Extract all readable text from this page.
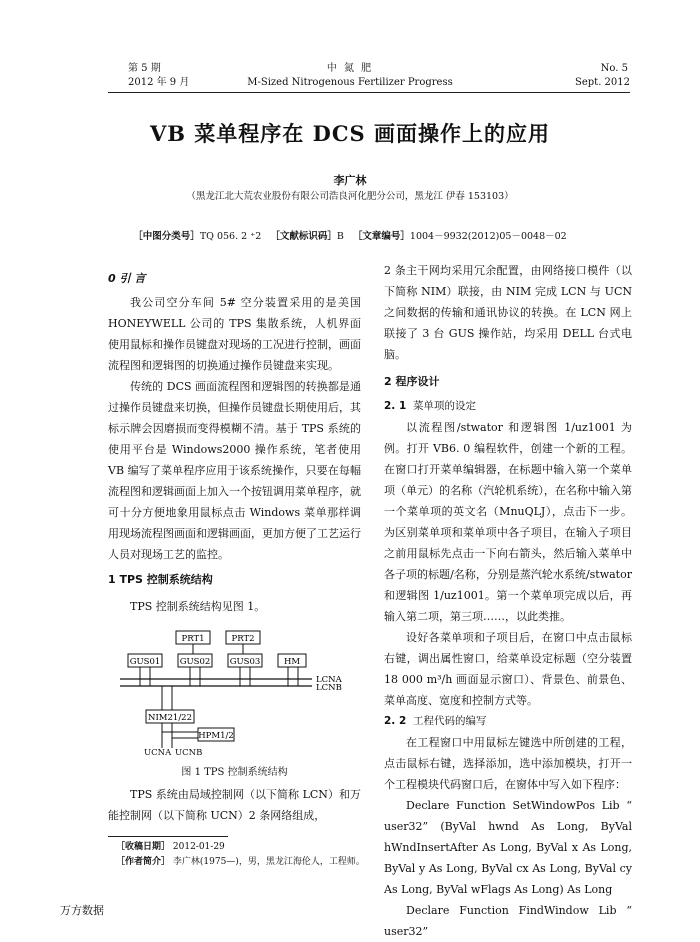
第 5 期
2012 年 9 月
中 氮 肥
M-Sized Nitrogenous Fertilizer Progress
No. 5
Sept. 2012
VB 菜单程序在 DCS 画面操作上的应用
李广林
（黑龙江北大荒农业股份有限公司浩良河化肥分公司，黑龙江 伊春 153103）
［中图分类号］TQ 056. 2 ⁺2 ［文献标识码］B ［文章编号］1004－9932(2012)05－0048－02

0 引 言

我公司空分车间 5# 空分装置采用的是美国 HONEYWELL 公司的 TPS 集散系统，人机界面使用鼠标和操作员键盘对现场的工况进行控制，画面流程图和逻辑图的切换通过操作员键盘来实现。

传统的 DCS 画面流程图和逻辑图的转换都是通过操作员键盘来切换，但操作员键盘长期使用后，其标示牌会因磨损而变得模糊不清。基于 TPS 系统的使用平台是 Windows2000 操作系统，笔者使用 VB 编写了菜单程序应用于该系统操作，只要在每幅流程图和逻辑画面上加入一个按钮调用菜单程序，就可十分方便地象用鼠标点击 Windows 菜单那样调用现场流程图画面和逻辑画面，更加方便了工艺运行人员对现场工艺的监控。

1 TPS 控制系统结构

TPS 控制系统结构见图 1。

PRT1	PRT2
GUS01 GUS02 GUS03	HM
LCNA
LCNB
NIM21/22
HPM1/2
UCNA UCNB
图 1 TPS 控制系统结构

TPS 系统由局域控制网（以下简称 LCN）和万能控制网（以下简称 UCN）2 条网络组成，

［收稿日期］ 2012-01-29
［作者简介］ 李广林(1975—)，男，黑龙江海伦人，工程师。

2 条主干网均采用冗余配置，由网络接口模件（以下简称 NIM）联接，由 NIM 完成 LCN 与 UCN 之间数据的传输和通讯协议的转换。在 LCN 网上联接了 3 台 GUS 操作站，均采用 DELL 台式电脑。

2 程序设计

2. 1 菜单项的设定

以流程图/stwator 和逻辑图 1/uz1001 为例。打开 VB6. 0 编程软件，创建一个新的工程。在窗口打开菜单编辑器，在标题中输入第一个菜单项（单元）的名称（汽轮机系统），在名称中输入第一个菜单项的英文名（MnuQLJ），点击下一步。为区别菜单项和菜单项中各子项目，在输入子项目之前用鼠标先点击一下向右箭头，然后输入菜单中各子项的标题/名称，分别是蒸汽轮水系统/stwator 和逻辑图 1/uz1001。第一个菜单项完成以后，再输入第二项，第三项……，以此类推。

设好各菜单项和子项目后，在窗口中点击鼠标右键，调出属性窗口，给菜单设定标题（空分装置 18 000 m³/h 画面显示窗口）、背景色、前景色、菜单高度、宽度和控制方式等。

2. 2 工程代码的编写

在工程窗口中用鼠标左键选中所创建的工程，点击鼠标右键，选择添加，选中添加模块，打开一个工程模块代码窗口后，在窗体中写入如下程序：

Declare Function SetWindowPos Lib “ user32” (ByVal hwnd As Long, ByVal hWndInsertAfter As Long, ByVal x As Long, ByVal y As Long, ByVal cx As Long, ByVal cy As Long, ByVal wFlags As Long) As Long

Declare Function FindWindow Lib “ user32”

万方数据
